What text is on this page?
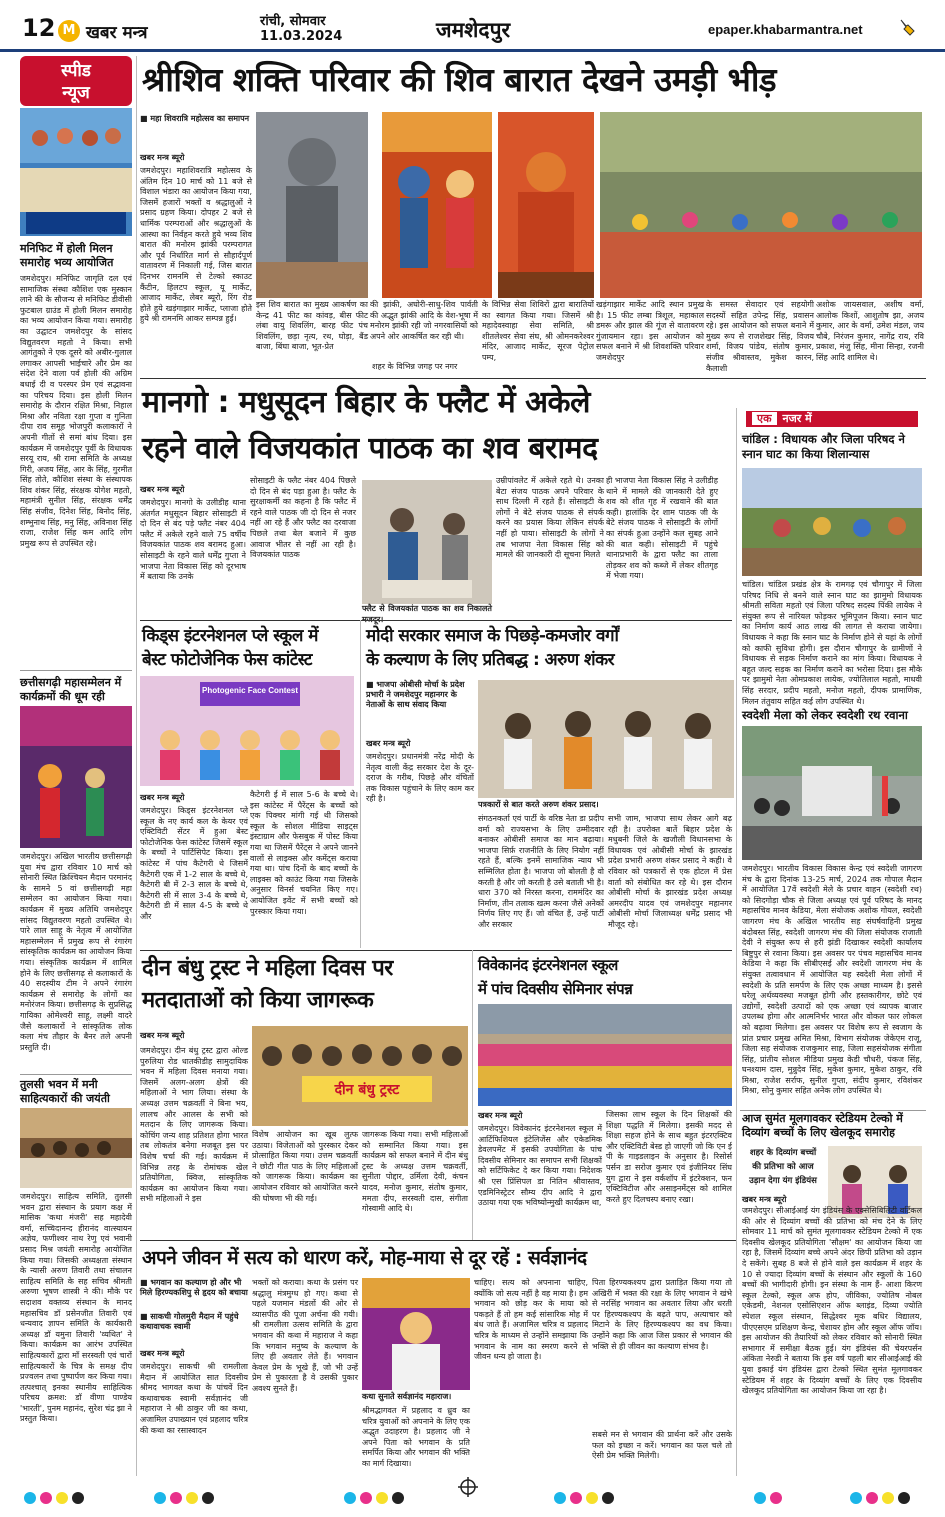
12 M खबर मन्त्र
रांची, सोमवार
11.03.2024	जमशेदपुर	epaper.khabarmantra.net
स्पीड
न्यूज
मनिफिट में होली मिलन समारोह भव्य आयोजित
जमशेदपुर। मनिफिट जागृति दल एवं सामाजिक संस्था कौशिश एक मुस्कान लाने की के सौजन्य से मनिफिट डीवीसी फुटबाल ग्राउंड में होली मिलन समारोह का भव्य आयोजन किया गया। समारोह का उद्घाटन जमशेदपुर के सांसद विद्युतवरण महतो ने किया। सभी आगंतुको ने एक दूसरे को अबीर-गुलाल लगाकर आपसी भाईचारे और प्रेम का संदेश देने वाला पर्व होली की अग्रिम बधाई दी व परस्पर प्रेम एवं सद्भावना का परिचय दिया। इस होली मिलन समारोह के दौरान रक्षित मिश्रा, निहाल मिश्रा और नविता रक्षा गुप्ता व गुनिता दीपा राव समूह भोजपुरी कलाकारों ने अपनी गीतों से समां बांध दिया। इस कार्यक्रम में जमशेदपुर पूर्वी के विधायक सरयू राय, श्री रामा समिति के अध्यक्ष गिरी, अजय सिंह, आर के सिंह, गुरमीत सिंह तोते, कौशिश संस्था के संस्थापक शिव शंकर सिंह, संरक्षक योगेश महतो, महामंत्री सुनील सिंह, संरक्षक धर्मेंद्र सिंह संजीव, दिनेश सिंह, बिनोद सिंह, शम्भुनाथ सिंह, मनु सिंह, अविनाश सिंह राजा, राजेश सिंह कम आदि लोग प्रमुख रूप से उपस्थित रहे।
छत्तीसगढ़ी महासम्मेलन में कार्यक्रमों की धूम रही
जमशेदपुर। अखिल भारतीय छत्तीसगढ़ी युवा मंच द्वारा रविवार 10 मार्च को सोनारी स्थित क्रिश्चियन मैदान परमानंद के सामने 5 वां छत्तीसगढ़ी महा सम्मेलन का आयोजन किया गया। कार्यक्रम में मुख्य अतिथि जमशेदपुर सांसद विद्युतवरण महतो उपस्थित थे। पारे लाल साहू के नेतृत्व में आयोजित महासम्मेलन में प्रमुख रूप से रंगारंग सांस्कृतिक कार्यक्रम का आयोजन किया गया। संस्कृतिक कार्यक्रम में शामिल होने के लिए छत्तीसगढ़ से कलाकारों के 40 सदस्यीय टीम ने अपने रंगारंग कार्यक्रम से समारोह के लोगों का मनोरंजन किया। छत्तीसगढ़ के सुप्रसिद्ध गायिका ओमेश्वरी साहू, लक्ष्मी वादरे जैसे कलाकारों ने सांस्कृतिक लोक कला मंच तौहार के बैनर तले अपनी प्रस्तुति दी।
तुलसी भवन में मनी साहित्यकारों की जयंती
जमशेदपुर। साहित्य समिति, तुलसी भवन द्वारा संस्थान के प्रयाग कक्ष में मासिक 'कथा मंजरी' सह महादेवी वर्मा, सच्चिदानन्द हीरानंद वात्स्यायन अज्ञेय, फणीश्वर नाथ रेणु एवं भवानी प्रसाद मिश्र जयंती समारोह आयोजित किया गया। जिसकी अध्यक्षता संस्थान के न्यासी अरुण तिवारी तथा संचालन साहित्य समिति के सह सचिव श्रीमती अरुणा भूषण शास्त्री ने की। मौके पर सदाशव वक्तव्य संस्थान के मानद महासचिव डॉ प्रसेनजीत तिवारी एवं धन्यवाद ज्ञापन समिति के कार्यकारी अध्यक्ष डॉ यमुना तिवारी 'व्यथित' ने किया। कार्यक्रम का आरंभ उपस्थित साहित्यकारों द्वारा माँ सरस्वती एवं चारों साहित्यकारों के चित्र के समक्ष दीप प्रज्वलन तथा पुष्पार्पण कर किया गया। तत्पश्चात् इनका स्थानीय साहित्यिक परिचय क्रमश: डॉ वीणा पाण्डेय 'भारती', पुनम महानंद, सुरेश चंद्र झा ने प्रस्तुत किया।
श्रीशिव शक्ति परिवार की शिव बारात देखने उमड़ी भीड़
■ महा शिवरात्रि महोत्सव का समापन
खबर मन्त्र ब्यूरो
जमशेदपुर। महाशिवरात्रि महोत्सव के अंतिम दिन 10 मार्च को 11 बजे से विशाल भंडारा का आयोजन किया गया, जिसमें हजारों भक्तों व श्रद्धालुओं ने प्रसाद ग्रहण किया। दोपहर 2 बजे से धार्मिक परम्पराओं और श्रद्धालुओं के आस्था का निर्वहन करते हुये भव्य शिव बारात की मनोरम झांकी परम्परागत और पूर्व निर्धारित मार्ग से सौहार्दपूर्ण वातावरण में निकाली गई, जिस बारात दिनभर रामनमि से टेल्को स्काउट कैंटीन, हिलटप स्कूल, यू मार्केट, आजाद मार्केट, लेबर ब्यूरो, रिंग रोड होते हुये खड़ंगाझार मार्केट, प्लाजा होते हुये श्री रामनमि आकर सम्पन्न हुई।
इस शिव बारात का मुख्य आकर्षण का केन्द्र 41 फीट का कांवड़, बीस फीट लंबा वायु शिवलिंग, बारह फीट पंच शिवलिंग, छड़ा नृत्य, रथ, घोड़ा, बैंड बाजा, बिंघा बाजा, भूत-प्रेत
की झांकी, अघोरी-साधु-शिव पार्वती की अद्भुत झांकी आदि के वेश-भूषा में मनोरम झांकी रही जो नगरवासियों को अपने ओर आकर्षित कर रही थी।
शहर के विभिन्न जगह पर नगर
के विभिन्न सेवा शिविरों द्वारा बारातियों का स्वागत किया गया। जिसमें श्री महादेवस्वाहा सेवा समिति, श्री शीतलेश्वर सेवा संघ, श्री ओमनकरेश्वर मंदिर, आजाद मार्केट, सूरज पेट्रोल पम्प,
खड़ंगाझार मार्केट आदि स्थान प्रमुख है। 15 फीट लम्बा त्रिशूल, महाकाल डमरू और झाल की गूंज से वातावरण गुंजायमान रहा। इस आयोजन को सफल बनाने में श्री शिवशक्ति परिवार जमशेदपुर
के समस्त सेवादार एवं सहयोगी सदस्यों सहित उपेन्द्र सिंह, प्रवासन रहे। इस आयोजन को सफल बनाने में मुख्य रूप से राजशेखर सिंह, विजय शर्मा, विजय पांडेय, संतोष कुमार, संजीव श्रीवास्तव, मुकेश कारन, कैलाशी
अशोक जायसवाल, अशीष वर्मा, आलोक किशों, आशुतोष झा, अजय कुमार, आर के वर्मा, उमेश मंडल, जय चौबे, निरंजन कुमार, नागेंद्र राय, रवि प्रकाश, मंजु सिंह, मीना सिन्हा, रजनी सिंह आदि शामिल थे।
मानगो : मधुसूदन बिहार के फ्लैट में अकेले
रहने वाले विजयकांत पाठक का शव बरामद
खबर मन्त्र ब्यूरो
जमशेदपुर। मानगो के उलीडीह थाना अंतर्गत मधुसूदन बिहार सोसाइटी में दो दिन से बंद पड़े फ्लैट नंबर 404 फ्लैट में अकेले रहने वाले 75 वर्षीय विजयकांत पाठक शव बरामद हुआ। सोसाइटी के रहने वाले धर्मेंद्र गुप्ता ने भाजपा नेता विकास सिंह को दूरभाष में बताया कि उनके
सोसाइटी के फ्लैट नंबर 404 पिछले दो दिन से बंद पड़ा हुआ है। फ्लैट के सुरक्षाकर्मी का कहना है कि फ्लैट में रहने वाले पाठक जी दो दिन से नजर नहीं आ रहे हैं और फ्लैट का दरवाजा पिछले तथा बेल बजाने में कुछ आवाज भीतर से नहीं आ रही है। विजयकांत पाठक
फ्लैट से विजयकांत पाठक का शव निकालते
उम्रीपांवलेट में अकेले रहते थे। उनका बेटा संजय पाठक अपने परिवार के साथ दिल्ली में रहते हैं। सोसाइटी के लोगों ने बेटे संजय पाठक से संपर्क करने का प्रयास किया लेकिन संपर्क नहीं हो पाया। सोसाइटी के लोगों ने तब भाजपा नेता विकास सिंह को मामले की जानकारी दी सूचना मिलते
ही भाजपा नेता विकास सिंह ने उलीडीह थाने में मामले की जानकारी देते हुए शव को शीत गृह में रखवाने की बात कही। हालांकि देर शाम पाठक जी के बेटे संजय पाठक ने सोसाइटी के लोगों का संपर्क हुआ उन्होंने कल सुबह आने की बात कही। सोसाइटी में पहुंचे थानाप्रभारी के द्वारा फ्लैट का ताला तोड़कर शव को कब्जे में लेकर शीतगृह में भेजा गया।
एक नजर में
चांडिल : विधायक और जिला परिषद ने स्नान घाट का किया शिलान्यास
चांडिल। चांडिल प्रखंड क्षेत्र के रामगढ़ एवं चौगापुर में जिला परिषद निधि से बनने वाले स्नान घाट का झामुमो विधायक श्रीमती सविता महतो एवं जिला परिषद सदस्य पिंकी लायेक ने संयुक्त रूप से नारियल फोड़कर भूमिपूजन किया। स्नान घाट का निर्माण कार्य आठ लाख की लागत से कराया जायेगा। विधायक ने कहा कि स्नान घाट के निर्माण होने से यहां के लोगों को काफी सुविधा होगी। इस दौरान चौगापुर के ग्रामीणों ने विधायक से सड़क निर्माण कराने का मांग किया। विधायक ने बहुत जल्द सड़क का निर्माण कराने का भरोसा दिया। इस मौके पर झामुमो नेता ओमप्रकाश लायेक, ज्योतिलाल महतो, माधवी सिंह सरदार, प्रदीप महतो, मनोज महतो, दीपक प्रामाणिक, मिलन तंतुवाय सहित कई लोग उपस्थित थे।
स्वदेशी मेला को लेकर स्वदेशी रथ रवाना
जमशेदपुर। भारतीय विकास विकास केन्द्र एवं स्वदेशी जागरण मंच के द्वारा दिनांक 13-25 मार्च, 2024 तक गोपाल मैदान में आयोजित 17वें स्वदेशी मेले के प्रचार वाहन (स्वदेशी रथ) को सिदगोड़ा चौक से जिला अध्यक्ष एवं पूर्व परिषद के मानद महासचिव मानव केडिया, मेला संयोजक अशोक गोयल, स्वदेशी जागरण मंच के अखिल भारतीय सह संघर्षवाहिनी प्रमुख बंदोबस्त सिंह, स्वदेशी जागरण मंच की जिला संयोजक राजाती देवी ने संयुक्त रूप से हरी झंडी दिखाकर स्वदेशी कार्यालय बिष्टुपुर से रवाना किया। इस अवसर पर पंचव महासचिव मानव केडिया ने कहा कि सीबीएसई और स्वदेशी जागरण मंच के संयुक्त तत्वावधान में आयोजित यह स्वदेशी मेला लोगों में स्वदेशी के प्रति समर्पण के लिए एक अच्छा माध्यम है। इससे घरेलू अर्थव्यवस्था मजबूत होगी और हस्तकारीगर, छोटे एवं उद्योगों, स्वदेशी उत्पादों को एक अच्छा एवं व्यापक बाजार उपलब्ध होगा और आत्मनिर्भर भारत और वोकल फार लोकल को बढ़ावा मिलेगा। इस अवसर पर विशेष रूप से स्वजाग के प्रांत प्रचार प्रमुख अमित मिश्रा, विभाग संयोजक जेकेएम राजू, जिला सह संयोजक राजकुमार साह, जिला सहसंयोजक संगीता सिंह, प्रांतीय सोशल मीडिया प्रमुख केडी चौधरी, पंकज सिंह, घनश्याम दास, मुन्नुदेव सिंह, मुकेश कुमार, मुकेश ठाकुर, रवि मिश्रा, राजेश सर्राफ, सुनील गुप्ता, संदीप कुमार, रविशंकर मिश्रा, सोनु कुमार सहित अनेक लोग उपस्थित थे।
आज सुमंत मूलगावकर स्टेडियम टेल्को में दिव्यांग बच्चों के लिए खेलकूद समारोह
शहर के दिव्यांग बच्चों
की प्रतिभा को आज
उड़ान देगा यंग इंडियंस
खबर मन्त्र ब्यूरो
जमशेदपुर। सीआईआई यंग इंडियंस के एक्सेसिबिलिटी वर्टिकल की ओर से दिव्यांग बच्चों की प्रतिभा को मंच देने के लिए सोमवार 11 मार्च को सुमंत मूलगावकर स्टेडियम टेल्को में एक दिवसीय खेलकूद प्रतियोगिता 'सौक्षम' का आयोजन किया जा रहा है, जिसमें दिव्यांग बच्चे अपने अंदर छिपी प्रतिभा को उड़ान दे सकेंगे। सुबह 8 बजे से होने वाले इस कार्यक्रम में शहर के 10 से ज्यादा दिव्यांग बच्चों के संस्थान और स्कूलों के 160 बच्चों की भागीदारी होगी। इन संस्था के नाम हैं- आशा किरण स्कूल टेल्को, स्कूल अफ होप, जीविका, ज्योतिष नोबल एकेडमी, नेशनल एसोसिएशन ऑफ ब्लाइंड, दिव्या ज्योति स्पेशल स्कूल संस्थान, सिद्धेश्वर मूक बधिर विद्यालय, पीएएसएम प्रशिक्षण केन्द्र, चेशायर होम और स्कूल ऑफ जॉय। इस आयोजन की तैयारियों को लेकर रविवार को सोनारी स्थित सभागार में समीक्षा बैठक हुई। यंग इंडियंस की चेयरपर्सन अंकिता नेरुडी ने बताया कि इस वर्ष पहली बार सीआईआई की युवा इकाई यंग इंडियंस द्वारा टेल्को स्थित सुमंत मूलगावकर स्टेडियम में शहर के दिव्यांग बच्चों के लिए एक दिवसीय खेलकूद प्रतियोगिता का आयोजन किया जा रहा है।
किड्स इंटरनेशनल प्ले स्कूल में
बेस्ट फोटोजेनिक फेस कांटेस्ट
Photogenic Face Contest
खबर मन्त्र ब्यूरो
जमशेदपुर। किड्स इंटरनेशनल प्ले स्कूल के नए कार्य कल के केयर एवं एक्टिविटी सेंटर में हुआ बेस्ट फोटोजेनिक फेस कांटेस्ट जिसमें स्कूल के बच्चों ने पार्टिसिपेट किया। इस कांटेस्ट में पांच कैटेगरी थे जिसमें कैटेगरी एक में 1-2 साल के बच्चे थे, कैटेगरी बी में 2-3 साल के बच्चे थे, कैटेगरी सी में साल 3-4 के बच्चे थे, कैटेगरी डी में साल 4-5 के बच्चे थे और
कैटेगरी ई में साल 5-6 के बच्चे थे। इस कांटेस्ट में पैरेंट्स के बच्चों को एक पिक्चर मांगी गई थी जिसको स्कूल के सोशल मीडिया साइट्स इंस्टाग्राम और फेसबुक में पोस्ट किया गया था जिसमें पैरेंट्स ने अपने जानने वालों से लाइक्स और कमेंट्स कराया गया था। पांच दिनों के बाद बच्चों के लाइक्स को काउंट किया गया जिसके अनुसार विनर्स चयनित किए गए। आयोजित इवेंट में सभी बच्चों को पुरस्कार किया गया।
मोदी सरकार समाज के पिछड़े-कमजोर वर्गों
के कल्याण के लिए प्रतिबद्ध : अरुण शंकर
■ भाजपा ओबीसी मोर्चा के प्रदेश प्रभारी ने जमशेदपुर महानगर के नेताओं के साथ संवाद किया
खबर मन्त्र ब्यूरो
जमशेदपुर। प्रधानमंत्री नरेंद्र मोदी के नेतृत्व वाली केंद्र सरकार देश के दूर-दराज के गरीब, पिछड़े और वंचितों तक विकास पहुंचाने के लिए काम कर रही है।
पत्रकारों से बात करते अरुण शंकर प्रसाद।
संगठनकर्ता एवं पार्टी के वरिष्ठ नेता डा प्रदीप वर्मा को राज्यसभा के लिए उम्मीदवार बनाकर ओबीसी समाज का मान बढ़ाया। भाजपा सिर्फ़ राजनीति के लिए नियोग नहीं रहते हैं, बल्कि इनमें सामाजिक न्याय भी सम्मिलित होता है। भाजपा जो बोलती है वो करती है और जो करती है उसे बताती भी है। धारा 370 को निरस्त करना, राममंदिर का निर्माण, तीन तलाक खत्म करना जैसे अनेकों निर्णय लिए गए हैं। जो वंचित हैं, उन्हें पार्टी और सरकार
सभी जाम, भाजपा साथ लेकर आगे बढ़ रही है। उपरोक्त बातें बिहार प्रदेश के मधुबनी जिले के खजौली विधानसभा के विधायक एवं ओबीसी मोर्चा के झारखंड प्रदेश प्रभारी अरुण शंकर प्रसाद ने कही। वे रविवार को पत्रकारों से एक होटल में प्रेस वार्ता को संबोधित कर रहे थे। इस दौरान ओबीसी मोर्चा के झारखंड प्रदेश अध्यक्ष अमरदीप यादव एवं जमशेदपुर महानगर ओबीसी मोर्चा जिलाध्यक्ष धर्मेंद्र प्रसाद भी मौजूद रहे।
दीन बंधु ट्रस्ट ने महिला दिवस पर
मतदाताओं को किया जागरूक
खबर मन्त्र ब्यूरो
जमशेदपुर। दीन बंधु ट्रस्ट द्वारा ओल्ड पुरुलिया रोड धातकीडीह सामुदायिक भवन में महिला दिवस मनाया गया। जिसमें अलग-अलग क्षेत्रों की महिलाओं ने भाग लिया। संस्था के अध्यक्ष उत्तम चक्रवर्ती ने बिना भय, लालच और आलस के सभी को मतदान के लिए जागरूक किया। कोचिंग जन्य शाह प्रतिशत होगा भारत तब लोकतंत्र बनेगा मजबूत इस पर विशेष चर्चा की गई। कार्यक्रम में विभिन्न तरह के रोमांचक खेल प्रतियोगिता, क्विज, सांस्कृतिक कार्यक्रम का आयोजन किया गया। सभी महिलाओं ने इस
दीन बंधु ट्रस्ट
विशेष आयोजन का खूब लुत्फ उठाया। विजेताओं को पुरस्कार देकर प्रोत्साहित किया गया। उत्तम चक्रवर्ती ने छोटी गीत पाठ के लिए महिलाओं को जागरूक किया। कार्यक्रम का आयोजन रविवार को आयोजित करने की घोषणा भी की गई।
जागरूक किया गया। सभी महिलाओं को सम्मानित किया गया। इस कार्यक्रम को सफल बनाने में दीन बंधु ट्रस्ट के अध्यक्ष उत्तम चक्रवर्ती, सुनीता पोद्दार, उर्मिला देवी, कंचन यादव, मनोज कुमार, संतोष कुमार, ममता दीप, सरस्वती दास, संगीता गोस्वामी आदि थे।
विवेकानंद इंटरनेशनल स्कूल
में पांच दिवसीय सेमिनार संपन्न
खबर मन्त्र ब्यूरो
जमशेदपुर। विवेकानंद इंटरनेशनल स्कूल में आर्टिफिशियल इंटेलिजेंस और एकेडमिक डेवलपमेंट में इसकी उपयोगिता के पांच दिवसीय सेमिनार का समापन सभी शिक्षकों को सर्टिफिकेट दे कर किया गया। निदेशक श्री एस प्रिंसिपल डा नितिन श्रीवास्तव, एडमिनिस्ट्रेटर सौम्य दीप आदि ने द्वारा उठाया गया एक भविष्योन्मुखी कार्यक्रम था,
जिसका लाभ स्कूल के दिन शिक्षकों की शिक्षा पद्धति में मिलेगा। इसकी मदद से शिक्षा सहज होने के साथ बहुत इंटरएक्टिव और एक्टिविटी बेस्ड हो जाएगी जो कि एन ई पी के गाइडलाइन के अनुसार है। रिसोर्स पर्सन डा सरोज कुमार एवं इंजीनियर सिंघ युग द्वारा ने इस वर्कशॉप में इंटरेक्शन, फन एक्टिविटीज और असाइनमेंट्स को शामिल करते हुए दिलचस्प बनाए रखा।
अपने जीवन में सत्य को धारण करें, मोह-माया से दूर रहें : सर्वज्ञानंद
■ भगवान का कल्याण हो और भी मिले हिरण्यकशिपु से हृदय को बचाया
■ साकची गोलमुरी मैदान में पहुंचे कथावाचक स्वामी
खबर मन्त्र ब्यूरो
जमशेदपुर। साकची श्री रामलीला मैदान में आयोजित सात दिवसीय श्रीमद भागवत कथा के पांचवें दिन कथावाचक स्वामी सर्वज्ञानंद जी महाराज ने श्री ठाकुर जी का कथा, अजामिल उपाख्यान एवं प्रहलाद चरित्र की कथा का रसास्वादन
भक्तों को कराया। कथा के प्रसंग पर श्रद्धालु मंत्रमुग्ध हो गए। कथा से पहले यजमान मंडलों की ओर से व्यासपीठ की पूजा अर्चना की गयी। श्री रामलीला उत्सव समिति के द्वारा भगवान की कथा में महाराज ने कहा कि भगवान मनुष्य के कल्याण के लिए ही अवतार लेते हैं। भगवान केवल प्रेम के भूखे हैं, जो भी उन्हें प्रेम से पुकारता है वे उसकी पुकार अवश्य सुनते हैं।
कथा सुनाते सर्वज्ञानंद महाराज।
श्रीमद्भागवत में प्रहलाद व ध्रुव का चरित्र युवाओं को अपनाने के लिए एक अद्भुत उदाहरण है। प्रहलाद जी ने अपने पिता को भगवान के प्रति समर्पित किया और भगवान की भक्ति का मार्ग दिखाया।
चाहिए। सत्य को अपनाना चाहिए, क्योंकि जो सत्य नहीं है वह माया है। हम भगवान को छोड़ कर के माया को पकड़ते हैं तो हम कई सांसारिक मोह में बंध जाते हैं। अजामिल चरित्र व प्रहलाद चरित्र के माध्यम से उन्होंने समझाया कि भगवान के नाम का स्मरण करने से जीवन धन्य हो जाता है।
पिता हिरण्यकश्यप द्वारा प्रताड़ित किया गया तो अखिरी में भक्त की रक्षा के लिए भगवान ने खंभे से नरसिंह भगवान का अवतार लिया और धरती पर हिरण्यकश्यप के बढ़ते पाप, अत्याचार को मिटाने के लिए हिरण्यकश्यप का वध किया। उन्होंने कहा कि आज जिस प्रकार से भगवान की भक्ति से ही जीवन का कल्याण संभव है।
सबसे मन से भगवान की प्रार्थना करें और उसके फल को इच्छा न करें। भगवान का फल चले तो ऐसी प्रेम भक्ति मिलेगी।
